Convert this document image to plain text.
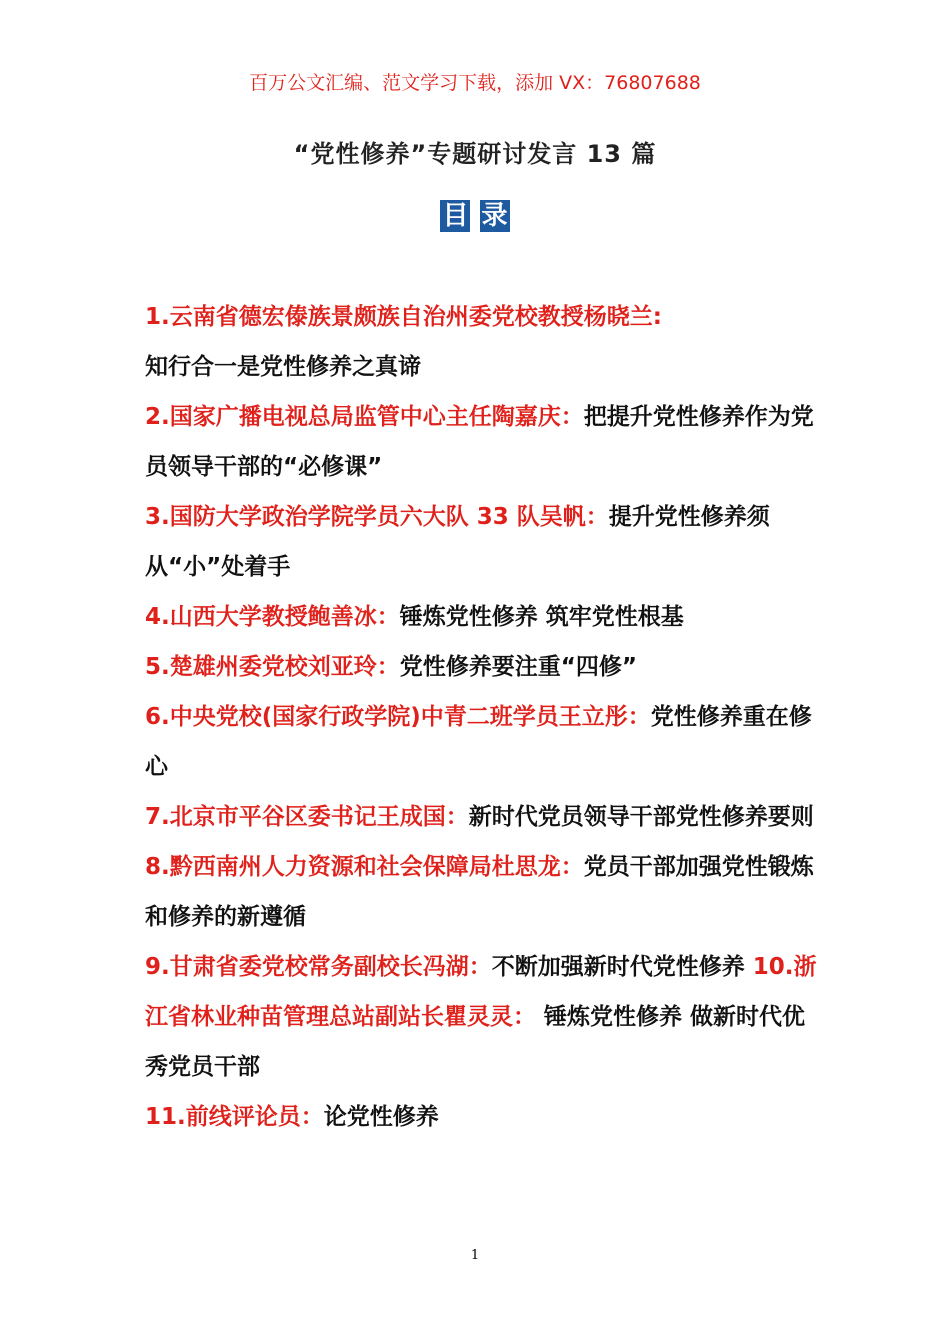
百万公文汇编、范文学习下载，添加 VX：76807688
“党性修养”专题研讨发言 13 篇
目 录
1.云南省德宏傣族景颇族自治州委党校教授杨晓兰:
知行合一是党性修养之真谛
2.国家广播电视总局监管中心主任陶嘉庆：把提升党性修养作为党员领导干部的“必修课”
3.国防大学政治学院学员六大队 33 队吴帆：提升党性修养须从“小”处着手
4.山西大学教授鲍善冰：锤炼党性修养 筑牢党性根基
5.楚雄州委党校刘亚玲：党性修养要注重“四修”
6.中央党校(国家行政学院)中青二班学员王立彤：党性修养重在修心
7.北京市平谷区委书记王成国：新时代党员领导干部党性修养要则
8.黔西南州人力资源和社会保障局杜思龙：党员干部加强党性锻炼和修养的新遵循
9.甘肃省委党校常务副校长冯湖：不断加强新时代党性修养 10.浙江省林业种苗管理总站副站长瞿灵灵： 锤炼党性修养 做新时代优秀党员干部
11.前线评论员：论党性修养
1
